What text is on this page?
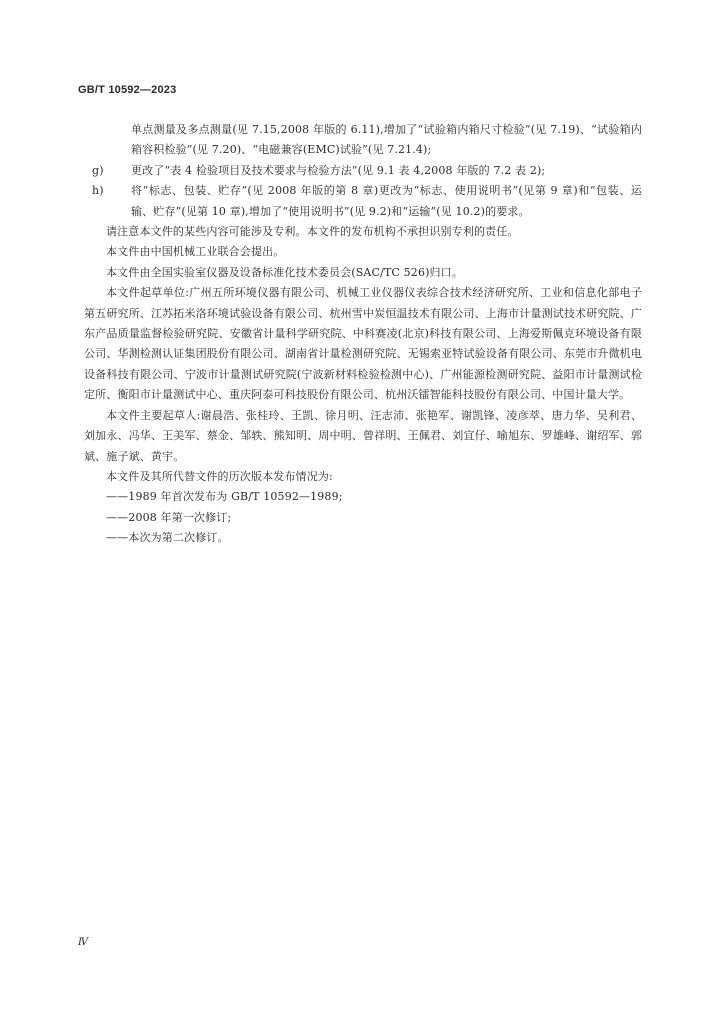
GB/T 10592—2023

单点测量及多点测量(见 7.15,2008 年版的 6.11),增加了“试验箱内箱尺寸检验”(见 7.19)、“试验箱内箱容积检验”(见 7.20)、“电磁兼容(EMC)试验”(见 7.21.4);

g) 更改了“表 4 检验项目及技术要求与检验方法”(见 9.1 表 4,2008 年版的 7.2 表 2);

h) 将“标志、包装、贮存”(见 2008 年版的第 8 章)更改为“标志、使用说明书”(见第 9 章)和“包装、运输、贮存”(见第 10 章),增加了“使用说明书”(见 9.2)和“运输”(见 10.2)的要求。

请注意本文件的某些内容可能涉及专利。本文件的发布机构不承担识别专利的责任。

本文件由中国机械工业联合会提出。

本文件由全国实验室仪器及设备标准化技术委员会(SAC/TC 526)归口。

本文件起草单位:广州五所环境仪器有限公司、机械工业仪器仪表综合技术经济研究所、工业和信息化部电子第五研究所、江苏拓米洛环境试验设备有限公司、杭州雪中炭恒温技术有限公司、上海市计量测试技术研究院、广东产品质量监督检验研究院、安徽省计量科学研究院、中科赛凌(北京)科技有限公司、上海爱斯佩克环境设备有限公司、华测检测认证集团股份有限公司、湖南省计量检测研究院、无锡索亚特试验设备有限公司、东莞市升微机电设备科技有限公司、宁波市计量测试研究院(宁波新材料检验检测中心)、广州能源检测研究院、益阳市计量测试检定所、衡阳市计量测试中心、重庆阿泰可科技股份有限公司、杭州沃镭智能科技股份有限公司、中国计量大学。

本文件主要起草人:谢晨浩、张桂玲、王凯、徐月明、汪志沛、张艳军、谢凯锋、凌彦萃、唐力华、吴利君、刘加永、冯华、王美军、蔡金、邹轶、熊知明、周中明、曾祥明、王佩君、刘宜仔、喻旭东、罗雄峰、谢绍军、郭斌、施子斌、黄宇。

本文件及其所代替文件的历次版本发布情况为:

——1989 年首次发布为 GB/T 10592—1989;

——2008 年第一次修订;

——本次为第二次修订。

Ⅳ
